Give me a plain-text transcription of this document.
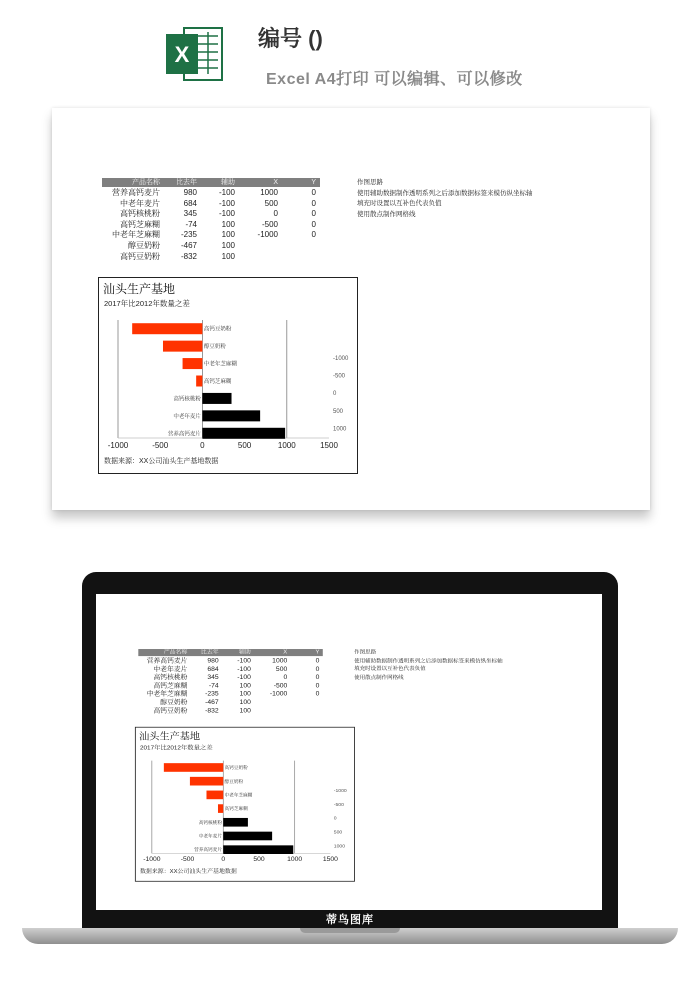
X
编号 ()
Excel A4打印 可以编辑、可以修改
产品名称	比去年	辅助	X	Y
营养高钙麦片	980	-100	1000	0
中老年麦片	684	-100	500	0
高钙核桃粉	345	-100	0	0
高钙芝麻糊	-74	100	-500	0
中老年芝麻糊	-235	100	-1000	0
醇豆奶粉	-467	100
高钙豆奶粉	-832	100
作图思路
使用辅助数据制作透明系列之后添加数据标签来模仿纵坐标轴
填充时设置以互补色代表负值
使用散点制作网格线
汕头生产基地
2017年比2012年数量之差
数据来源：XX公司汕头生产基地数据
高钙豆奶粉
醇豆奶粉
中老年芝麻糊
高钙芝麻糊
高钙核桃粉
中老年麦片
营养高钙麦片
-1000
-500
0
500
1000
-1000	-500	0	500	1000	1500
产品名称	比去年	辅助	X	Y
营养高钙麦片	980	-100	1000	0
中老年麦片	684	-100	500	0
高钙核桃粉	345	-100	0	0
高钙芝麻糊	-74	100	-500	0
中老年芝麻糊	-235	100	-1000	0
醇豆奶粉	-467	100
高钙豆奶粉	-832	100
作图思路
使用辅助数据制作透明系列之后添加数据标签来模仿纵坐标轴
填充时设置以互补色代表负值
使用散点制作网格线
汕头生产基地
2017年比2012年数量之差
数据来源：XX公司汕头生产基地数据
高钙豆奶粉
醇豆奶粉
中老年芝麻糊
高钙芝麻糊
高钙核桃粉
中老年麦片
营养高钙麦片
-1000
-500
0
500
1000
-1000	-500	0	500	1000	1500
蒂鸟图库
